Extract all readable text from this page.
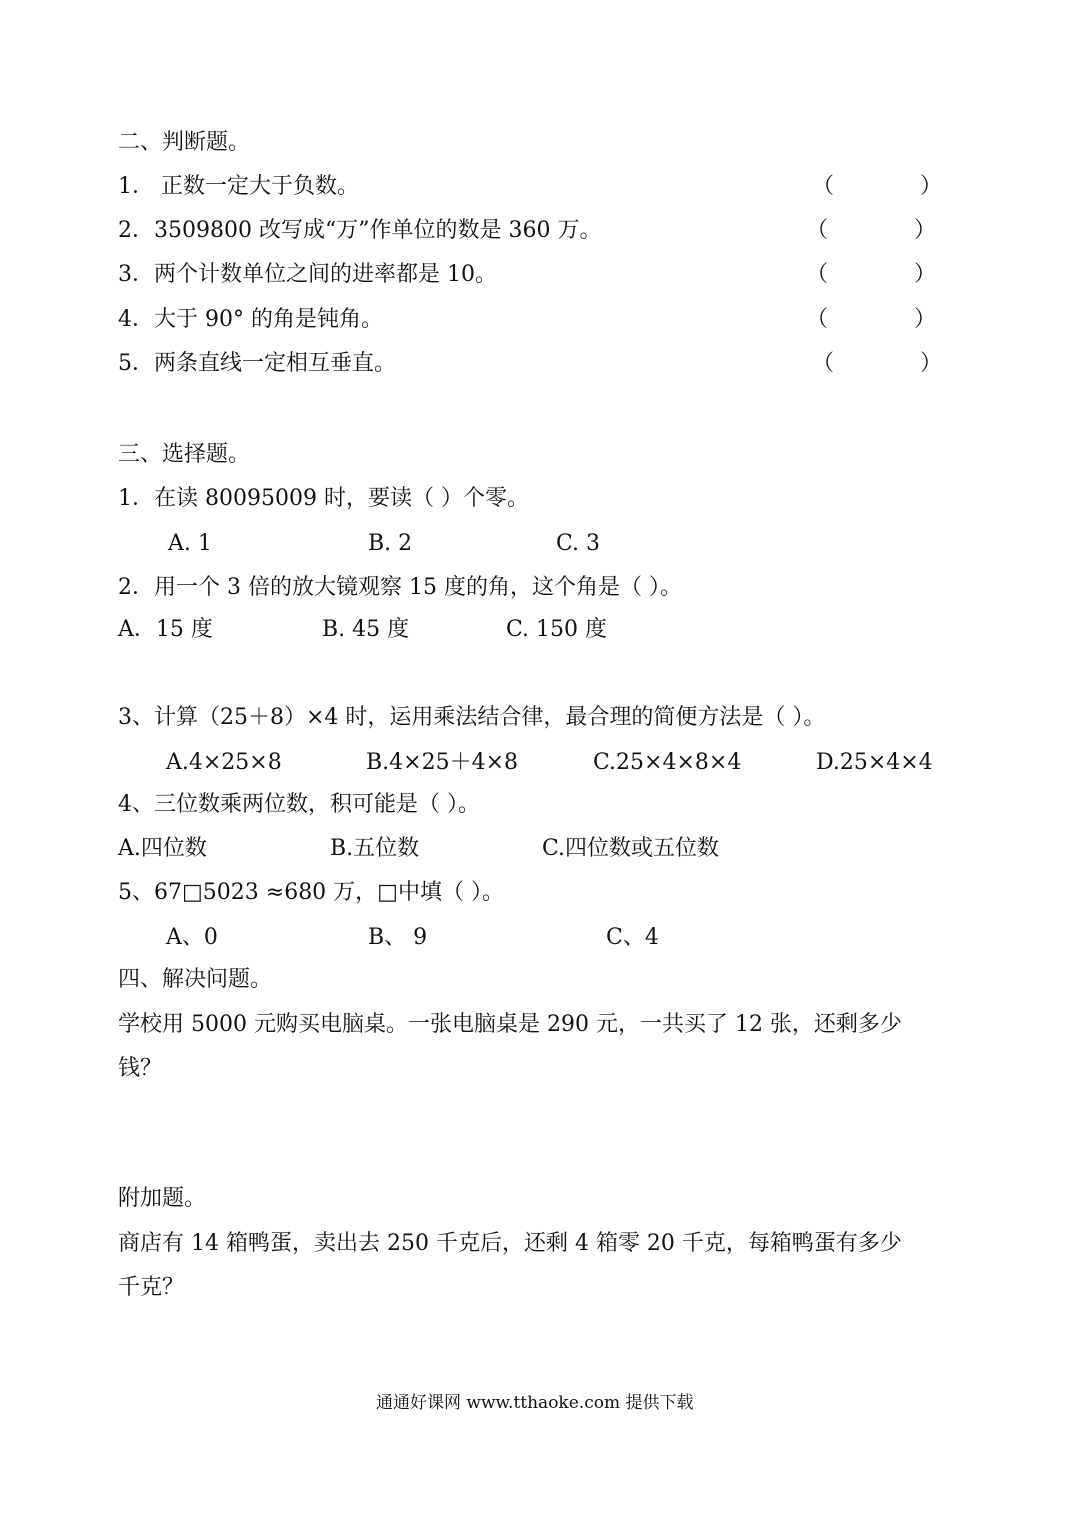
二、判断题。
1． 正数一定大于负数。	（	）
2．3509800 改写成“万”作单位的数是 360 万。	（	）
3．两个计数单位之间的进率都是 10。	（	）
4．大于 90° 的角是钝角。	（	）
5．两条直线一定相互垂直。	（	）
三、选择题。
1．在读 80095009 时，要读（ ）个零。
A. 1	B. 2	C. 3
2．用一个 3 倍的放大镜观察 15 度的角，这个角是（ ）。
A．15 度	B. 45 度	C. 150 度
3、计算（25＋8）×4 时，运用乘法结合律，最合理的简便方法是（ ）。
A.4×25×8	B.4×25＋4×8	C.25×4×8×4	D.25×4×4
4、三位数乘两位数，积可能是（ ）。
A.四位数	B.五位数	C.四位数或五位数
5、67□5023 ≈680 万，□中填（ ）。
A、0	B、 9	C、4
四、解决问题。
学校用 5000 元购买电脑桌。一张电脑桌是 290 元，一共买了 12 张，还剩多少
钱？
附加题。
商店有 14 箱鸭蛋，卖出去 250 千克后，还剩 4 箱零 20 千克，每箱鸭蛋有多少
千克？
通通好课网 www.tthaoke.com 提供下载
